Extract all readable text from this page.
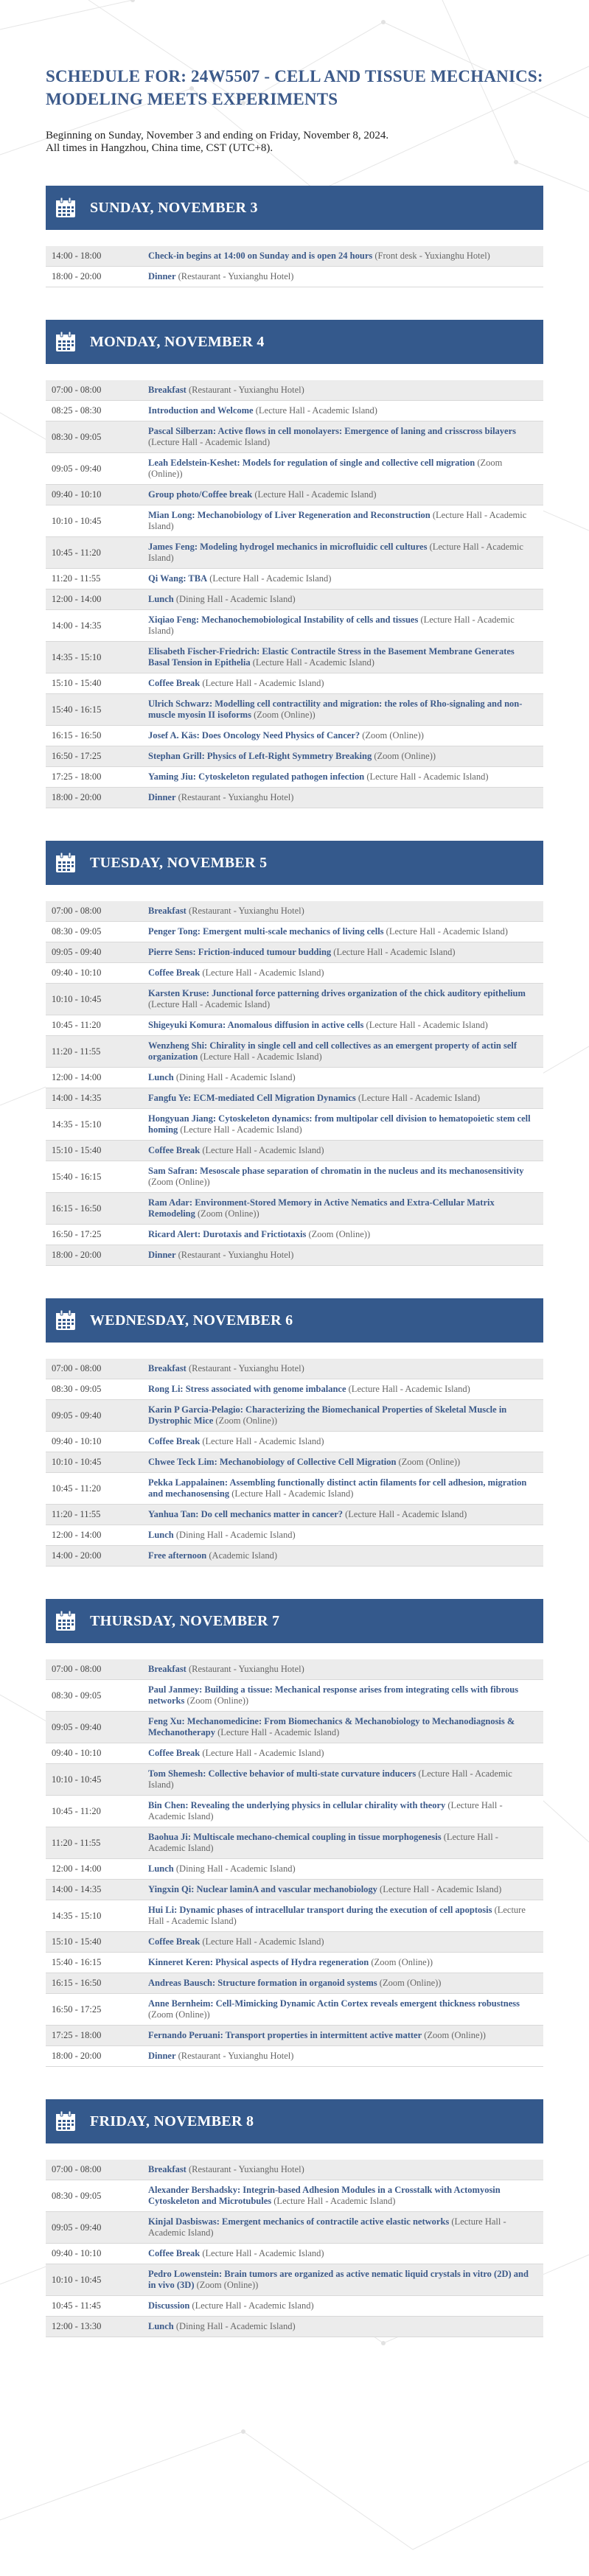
SCHEDULE FOR: 24W5507 - CELL AND TISSUE MECHANICS: MODELING MEETS EXPERIMENTS
Beginning on Sunday, November 3 and ending on Friday, November 8, 2024.
All times in Hangzhou, China time, CST (UTC+8).
SUNDAY, NOVEMBER 3
14:00 - 18:00	Check-in begins at 14:00 on Sunday and is open 24 hours (Front desk - Yuxianghu Hotel)
18:00 - 20:00	Dinner (Restaurant - Yuxianghu Hotel)
MONDAY, NOVEMBER 4
07:00 - 08:00	Breakfast (Restaurant - Yuxianghu Hotel)
08:25 - 08:30	Introduction and Welcome (Lecture Hall - Academic Island)
08:30 - 09:05	Pascal Silberzan: Active flows in cell monolayers: Emergence of laning and crisscross bilayers (Lecture Hall - Academic Island)
09:05 - 09:40	Leah Edelstein-Keshet: Models for regulation of single and collective cell migration (Zoom (Online))
09:40 - 10:10	Group photo/Coffee break (Lecture Hall - Academic Island)
10:10 - 10:45	Mian Long: Mechanobiology of Liver Regeneration and Reconstruction (Lecture Hall - Academic Island)
10:45 - 11:20	James Feng: Modeling hydrogel mechanics in microfluidic cell cultures (Lecture Hall - Academic Island)
11:20 - 11:55	Qi Wang: TBA (Lecture Hall - Academic Island)
12:00 - 14:00	Lunch (Dining Hall - Academic Island)
14:00 - 14:35	Xiqiao Feng: Mechanochemobiological Instability of cells and tissues (Lecture Hall - Academic Island)
14:35 - 15:10	Elisabeth Fischer-Friedrich: Elastic Contractile Stress in the Basement Membrane Generates Basal Tension in Epithelia (Lecture Hall - Academic Island)
15:10 - 15:40	Coffee Break (Lecture Hall - Academic Island)
15:40 - 16:15	Ulrich Schwarz: Modelling cell contractility and migration: the roles of Rho-signaling and non-muscle myosin II isoforms (Zoom (Online))
16:15 - 16:50	Josef A. Käs: Does Oncology Need Physics of Cancer? (Zoom (Online))
16:50 - 17:25	Stephan Grill: Physics of Left-Right Symmetry Breaking (Zoom (Online))
17:25 - 18:00	Yaming Jiu: Cytoskeleton regulated pathogen infection (Lecture Hall - Academic Island)
18:00 - 20:00	Dinner (Restaurant - Yuxianghu Hotel)
TUESDAY, NOVEMBER 5
07:00 - 08:00	Breakfast (Restaurant - Yuxianghu Hotel)
08:30 - 09:05	Penger Tong: Emergent multi-scale mechanics of living cells (Lecture Hall - Academic Island)
09:05 - 09:40	Pierre Sens: Friction-induced tumour budding (Lecture Hall - Academic Island)
09:40 - 10:10	Coffee Break (Lecture Hall - Academic Island)
10:10 - 10:45	Karsten Kruse: Junctional force patterning drives organization of the chick auditory epithelium (Lecture Hall - Academic Island)
10:45 - 11:20	Shigeyuki Komura: Anomalous diffusion in active cells (Lecture Hall - Academic Island)
11:20 - 11:55	Wenzheng Shi: Chirality in single cell and cell collectives as an emergent property of actin self organization (Lecture Hall - Academic Island)
12:00 - 14:00	Lunch (Dining Hall - Academic Island)
14:00 - 14:35	Fangfu Ye: ECM-mediated Cell Migration Dynamics (Lecture Hall - Academic Island)
14:35 - 15:10	Hongyuan Jiang: Cytoskeleton dynamics: from multipolar cell division to hematopoietic stem cell homing (Lecture Hall - Academic Island)
15:10 - 15:40	Coffee Break (Lecture Hall - Academic Island)
15:40 - 16:15	Sam Safran: Mesoscale phase separation of chromatin in the nucleus and its mechanosensitivity (Zoom (Online))
16:15 - 16:50	Ram Adar: Environment-Stored Memory in Active Nematics and Extra-Cellular Matrix Remodeling (Zoom (Online))
16:50 - 17:25	Ricard Alert: Durotaxis and Frictiotaxis (Zoom (Online))
18:00 - 20:00	Dinner (Restaurant - Yuxianghu Hotel)
WEDNESDAY, NOVEMBER 6
07:00 - 08:00	Breakfast (Restaurant - Yuxianghu Hotel)
08:30 - 09:05	Rong Li: Stress associated with genome imbalance (Lecture Hall - Academic Island)
09:05 - 09:40	Karin P Garcia-Pelagio: Characterizing the Biomechanical Properties of Skeletal Muscle in Dystrophic Mice (Zoom (Online))
09:40 - 10:10	Coffee Break (Lecture Hall - Academic Island)
10:10 - 10:45	Chwee Teck Lim: Mechanobiology of Collective Cell Migration (Zoom (Online))
10:45 - 11:20	Pekka Lappalainen: Assembling functionally distinct actin filaments for cell adhesion, migration and mechanosensing (Lecture Hall - Academic Island)
11:20 - 11:55	Yanhua Tan: Do cell mechanics matter in cancer? (Lecture Hall - Academic Island)
12:00 - 14:00	Lunch (Dining Hall - Academic Island)
14:00 - 20:00	Free afternoon (Academic Island)
THURSDAY, NOVEMBER 7
07:00 - 08:00	Breakfast (Restaurant - Yuxianghu Hotel)
08:30 - 09:05	Paul Janmey: Building a tissue: Mechanical response arises from integrating cells with fibrous networks (Zoom (Online))
09:05 - 09:40	Feng Xu: Mechanomedicine: From Biomechanics & Mechanobiology to Mechanodiagnosis & Mechanotherapy (Lecture Hall - Academic Island)
09:40 - 10:10	Coffee Break (Lecture Hall - Academic Island)
10:10 - 10:45	Tom Shemesh: Collective behavior of multi-state curvature inducers (Lecture Hall - Academic Island)
10:45 - 11:20	Bin Chen: Revealing the underlying physics in cellular chirality with theory (Lecture Hall - Academic Island)
11:20 - 11:55	Baohua Ji: Multiscale mechano-chemical coupling in tissue morphogenesis (Lecture Hall - Academic Island)
12:00 - 14:00	Lunch (Dining Hall - Academic Island)
14:00 - 14:35	Yingxin Qi: Nuclear laminA and vascular mechanobiology (Lecture Hall - Academic Island)
14:35 - 15:10	Hui Li: Dynamic phases of intracellular transport during the execution of cell apoptosis (Lecture Hall - Academic Island)
15:10 - 15:40	Coffee Break (Lecture Hall - Academic Island)
15:40 - 16:15	Kinneret Keren: Physical aspects of Hydra regeneration (Zoom (Online))
16:15 - 16:50	Andreas Bausch: Structure formation in organoid systems (Zoom (Online))
16:50 - 17:25	Anne Bernheim: Cell-Mimicking Dynamic Actin Cortex reveals emergent thickness robustness (Zoom (Online))
17:25 - 18:00	Fernando Peruani: Transport properties in intermittent active matter (Zoom (Online))
18:00 - 20:00	Dinner (Restaurant - Yuxianghu Hotel)
FRIDAY, NOVEMBER 8
07:00 - 08:00	Breakfast (Restaurant - Yuxianghu Hotel)
08:30 - 09:05	Alexander Bershadsky: Integrin-based Adhesion Modules in a Crosstalk with Actomyosin Cytoskeleton and Microtubules (Lecture Hall - Academic Island)
09:05 - 09:40	Kinjal Dasbiswas: Emergent mechanics of contractile active elastic networks (Lecture Hall - Academic Island)
09:40 - 10:10	Coffee Break (Lecture Hall - Academic Island)
10:10 - 10:45	Pedro Lowenstein: Brain tumors are organized as active nematic liquid crystals in vitro (2D) and in vivo (3D) (Zoom (Online))
10:45 - 11:45	Discussion (Lecture Hall - Academic Island)
12:00 - 13:30	Lunch (Dining Hall - Academic Island)
